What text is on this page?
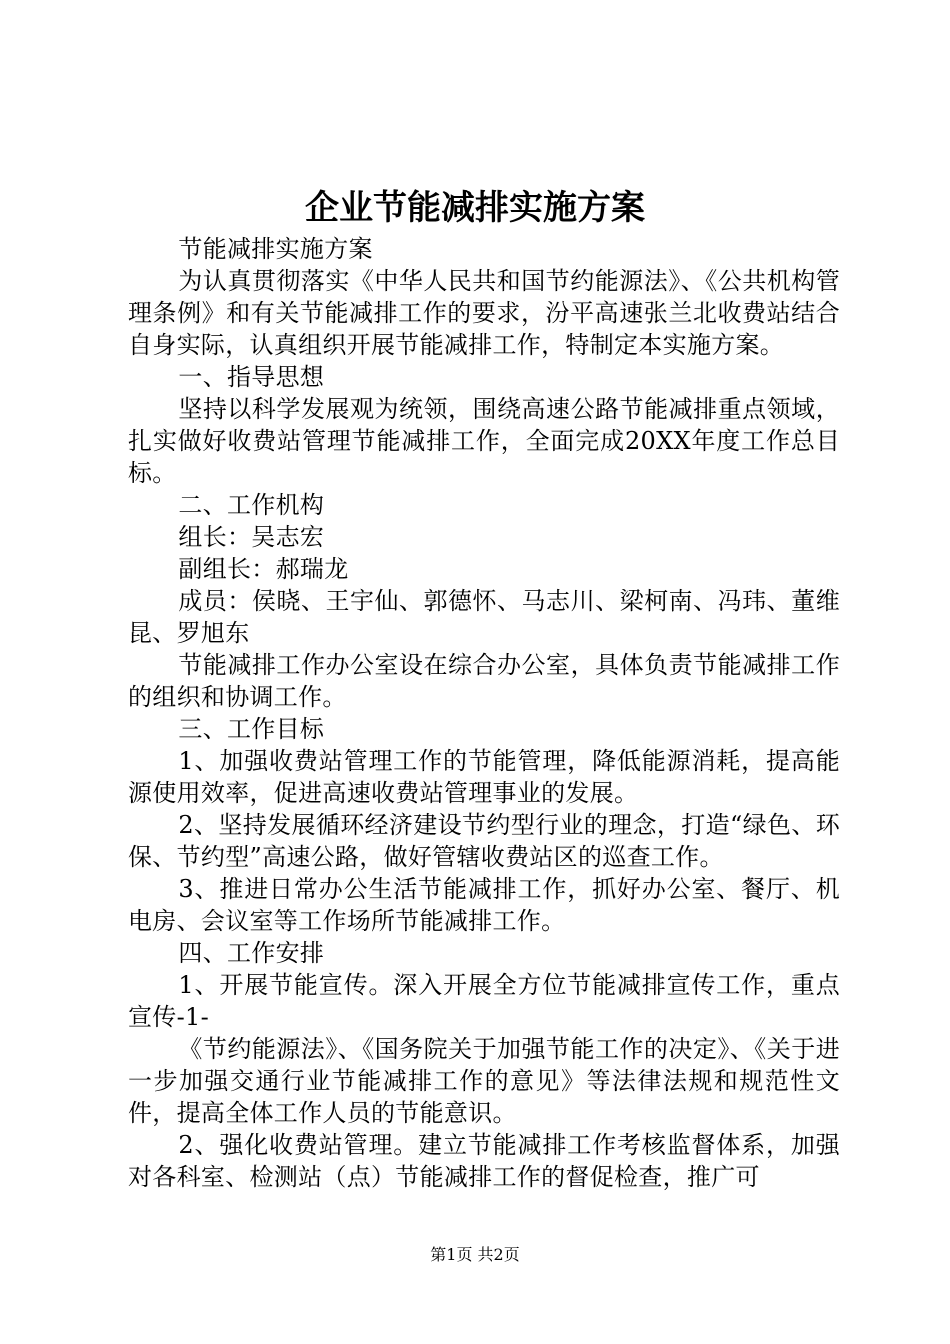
企业节能减排实施方案

节能减排实施方案

为认真贯彻落实《中华人民共和国节约能源法》、《公共机构管理条例》和有关节能减排工作的要求，汾平高速张兰北收费站结合自身实际，认真组织开展节能减排工作，特制定本实施方案。

一、指导思想

坚持以科学发展观为统领，围绕高速公路节能减排重点领域，扎实做好收费站管理节能减排工作，全面完成20XX年度工作总目标。

二、工作机构

组长：吴志宏

副组长：郝瑞龙

成员：侯晓、王宇仙、郭德怀、马志川、梁柯南、冯玮、董维昆、罗旭东

节能减排工作办公室设在综合办公室，具体负责节能减排工作的组织和协调工作。

三、工作目标

1、加强收费站管理工作的节能管理，降低能源消耗，提高能源使用效率，促进高速收费站管理事业的发展。

2、坚持发展循环经济建设节约型行业的理念，打造“绿色、环保、节约型”高速公路，做好管辖收费站区的巡查工作。

3、推进日常办公生活节能减排工作，抓好办公室、餐厅、机电房、会议室等工作场所节能减排工作。

四、工作安排

1、开展节能宣传。深入开展全方位节能减排宣传工作，重点宣传-1-

《节约能源法》、《国务院关于加强节能工作的决定》、《关于进一步加强交通行业节能减排工作的意见》等法律法规和规范性文件，提高全体工作人员的节能意识。

2、强化收费站管理。建立节能减排工作考核监督体系，加强对各科室、检测站（点）节能减排工作的督促检查，推广可

第1页 共2页
